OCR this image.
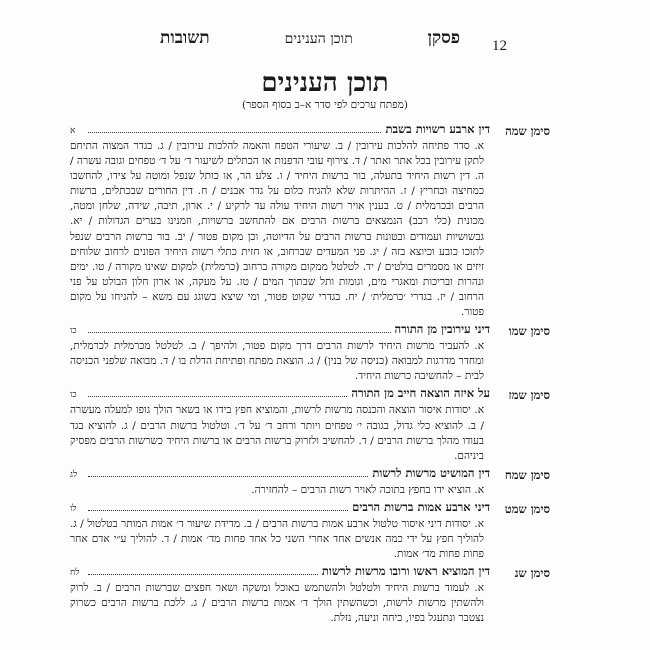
12
פסקן
תוכן הענינים
תשובות
תוכן הענינים
(מפתח ערכים לפי סדר א–ב בסוף הספר)
סימן שמה
דין ארבע רשויות בשבת
א

א. סדר פתיחה להלכות עירובין / ב. שיעורי הטפח והאמה להלכות עירובין / ג. בגדר המצוה התיחם לתקן עירובין בכל אתר ואתר / ד. צירוף עובי הדפנות או הכתלים לשיעור ד׳ על ד׳ טפחים וגובה עשרה / ה. דין רשות היחיד בתעלה, בור ברשות היחיד / ו. צלע הר, או כותל שנפל ומוטה על צידו, להחשבו כמחיצה וכחריץ / ז. ההיתרות שלא להגיח כלום על גדר אבנים / ח. דין החורים שבכתלים, ברשות הרבים ובכרמלית / ט. בענין אויר רשות היחיד עולה עד לרקיע / י. ארון, תיבה, שידה, שלחן ומטה, מכונית (כלי רכב) הנמצאים ברשות הרבים אם להתחשב ברשויות, וזמנינו בערים הגדולות / יא. גבשושיות ועמודים ובטונות ברשות הרבים על הדיוטה, וכן מקום פטור / יב. בור ברשות הרבים שנפל לתוכו כובע וכיוצא בזה / יג. פני המעדים שברחוב, או חזית כתלי רשות היחיד הפונים לרחוב שלוחים זיזים או מסמרים בולטים / יד. לטלטל ממקום מקורה ברחוב (כרמלית) למקום שאינו מקורה / טו. ימים ונהרות ובריכות ומאגרי מים, וגומות ותל שבתוך המים / טז. על מעקה, או ארון חלון הבולט על פני הרחוב / יז. בגדרי ׳כרמלית׳ / יח. בגדרי שקוט פטור, ומי שיצא בשוגג עם משא – להניחו על מקום פטור.

סימן שמו
דיני עירובין מן התורה
כו

א. להעביר מרשות היחיד לרשות הרבים דרך מקום פטור, ולהיפך / ב. לטלטל מכרמלית לכרמלית, ומחדר מדרגות למבואה (כניסה של בנין) / ג. הוצאת מפתח ופתיחת הדלת בו / ד. מבואה שלפני הכניסה לבית – להחשיבה כרשות היחיד.

סימן שמז
על איזה הוצאה חייב מן התורה
כו

א. יסודות איסור הוצאה והכנסה מרשות לרשות, והמוציא חפץ בידו או בשאר הולך גופו למעלה מעשרה / ב. להוציא כלי גדול, בגובה י׳ טפחים ויותר ורחב ד׳ על ד׳. וטלטול ברשות הרבים / ג. להוציא בגד בעודו מהלך ברשות הרבים / ד. להחשיב ולזרוק ברשות הרבים או ברשות היחיד כשרשות הרבים מפסיק ביניהם.

סימן שמח
דין המושיט מרשות לרשות
לג

א. הוציא ידו בחפץ בתוכה לאויר רשות הרבים – להחזירה.

סימן שמט
דיני ארבע אמות ברשות הרבים
לו

א. יסודות דיני איסור טלטול ארבע אמות ברשות הרבים / ב. מדידת שיעור ד׳ אמות המותר בטלטול / ג. להוליך חפץ על ידי כמה אנשים אחד אחרי השני כל אחד פחות מד׳ אמות / ד. להוליך ע״י אדם אחר פחות פחות מד׳ אמות.

סימן שנ
דין המוציא ראשו ורובו מרשות לרשות
לח

א. לעמוד ברשות היחיד ולטלטל ולהשתמש באוכל ומשקה ושאר חפצים שברשות הרבים / ב. לרוק ולהשתין מרשות לרשות, וכשהשתין הולך ד׳ אמות ברשות הרבים / ג. ללכת ברשות הרבים כשרוק נצטבר ונתעגל בפיו, כיחה וניעה, נזלת.
